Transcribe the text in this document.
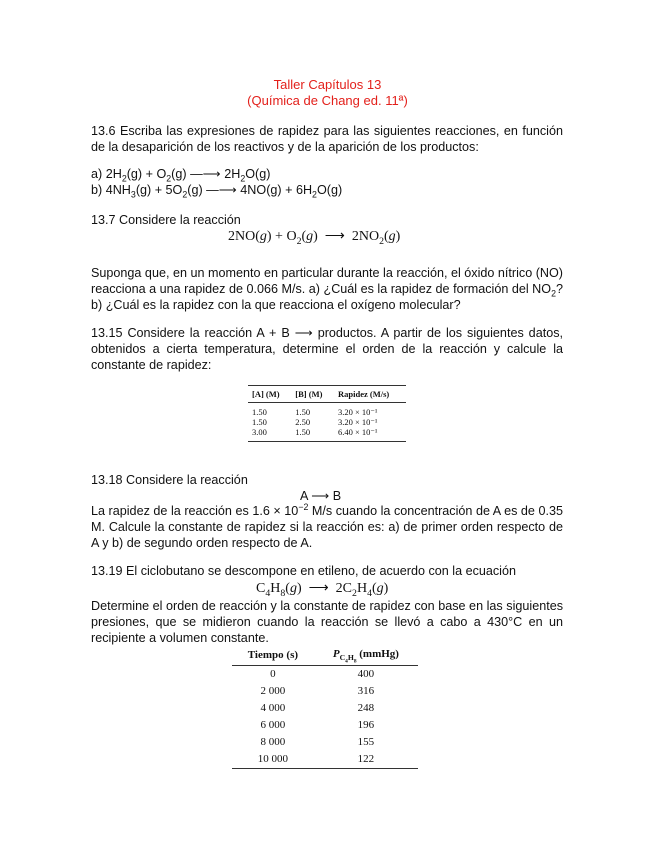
Taller Capítulos 13
(Química de Chang ed. 11ª)
13.6 Escriba las expresiones de rapidez para las siguientes reacciones, en función de la desaparición de los reactivos y de la aparición de los productos:
a) $2H_2(g) + O_2(g)$ —⟶ $2H_2O(g)$
b) $4NH_3(g) + 5O_2(g)$ —⟶ $4NO(g) + 6H_2O(g)$
13.7 Considere la reacción
$2NO(g) + O_2(g)$  ⟶  $2NO_2(g)$
Suponga que, en un momento en particular durante la reacción, el óxido nítrico (NO) reacciona a una rapidez de 0.066 M/s. a) ¿Cuál es la rapidez de formación del $NO_2$? b) ¿Cuál es la rapidez con la que reacciona el oxígeno molecular?
13.15 Considere la reacción A + B ⟶ productos. A partir de los siguientes datos, obtenidos a cierta temperatura, determine el orden de la reacción y calcule la constante de rapidez:
[A] (M)	[B] (M)	Rapidez (M/s)
1.50	1.50	3.20 × 10⁻¹
1.50	2.50	3.20 × 10⁻¹
3.00	1.50	6.40 × 10⁻¹
13.18 Considere la reacción
A ⟶ B
La rapidez de la reacción es $1.6 \times 10^{-2}$ M/s cuando la concentración de A es de 0.35 M. Calcule la constante de rapidez si la reacción es: a) de primer orden respecto de A y b) de segundo orden respecto de A.
13.19 El ciclobutano se descompone en etileno, de acuerdo con la ecuación
$C_4H_8(g)$  ⟶  $2C_2H_4(g)$
Determine el orden de reacción y la constante de rapidez con base en las siguientes presiones, que se midieron cuando la reacción se llevó a cabo a 430°C en un recipiente a volumen constante.
Tiempo (s)	$P_{C_4H_8}$ (mmHg)
0	400
2 000	316
4 000	248
6 000	196
8 000	155
10 000	122
